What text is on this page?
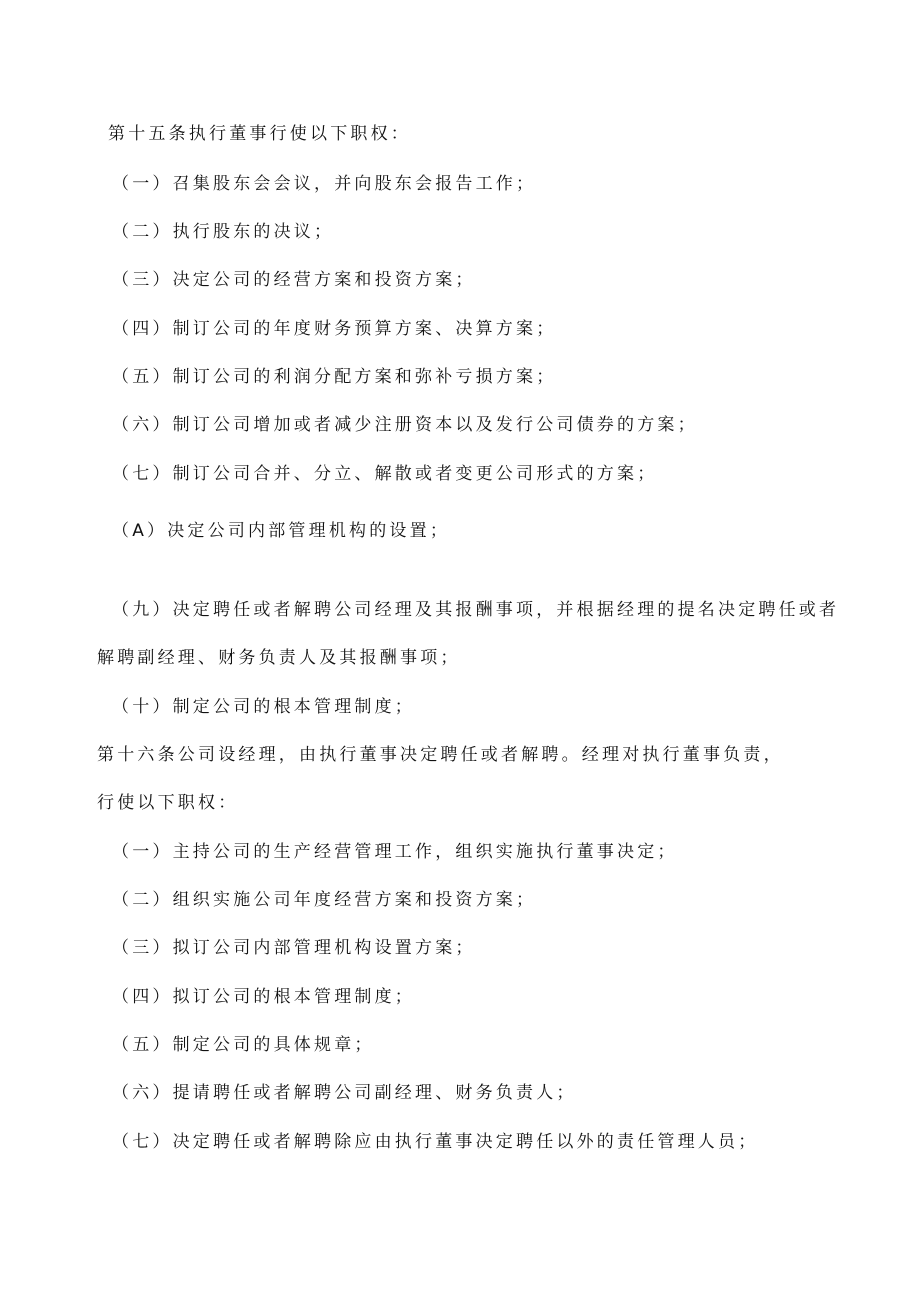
第十五条执行董事行使以下职权：
（一）召集股东会会议，并向股东会报告工作；
（二）执行股东的决议；
（三）决定公司的经营方案和投资方案；
（四）制订公司的年度财务预算方案、决算方案；
（五）制订公司的利润分配方案和弥补亏损方案；
（六）制订公司增加或者减少注册资本以及发行公司债券的方案；
（七）制订公司合并、分立、解散或者变更公司形式的方案；
（A）决定公司内部管理机构的设置；
（九）决定聘任或者解聘公司经理及其报酬事项，并根据经理的提名决定聘任或者
解聘副经理、财务负责人及其报酬事项；
（十）制定公司的根本管理制度；
第十六条公司设经理，由执行董事决定聘任或者解聘。经理对执行董事负责，
行使以下职权：
（一）主持公司的生产经营管理工作，组织实施执行董事决定；
（二）组织实施公司年度经营方案和投资方案；
（三）拟订公司内部管理机构设置方案；
（四）拟订公司的根本管理制度；
（五）制定公司的具体规章；
（六）提请聘任或者解聘公司副经理、财务负责人；
（七）决定聘任或者解聘除应由执行董事决定聘任以外的责任管理人员；
